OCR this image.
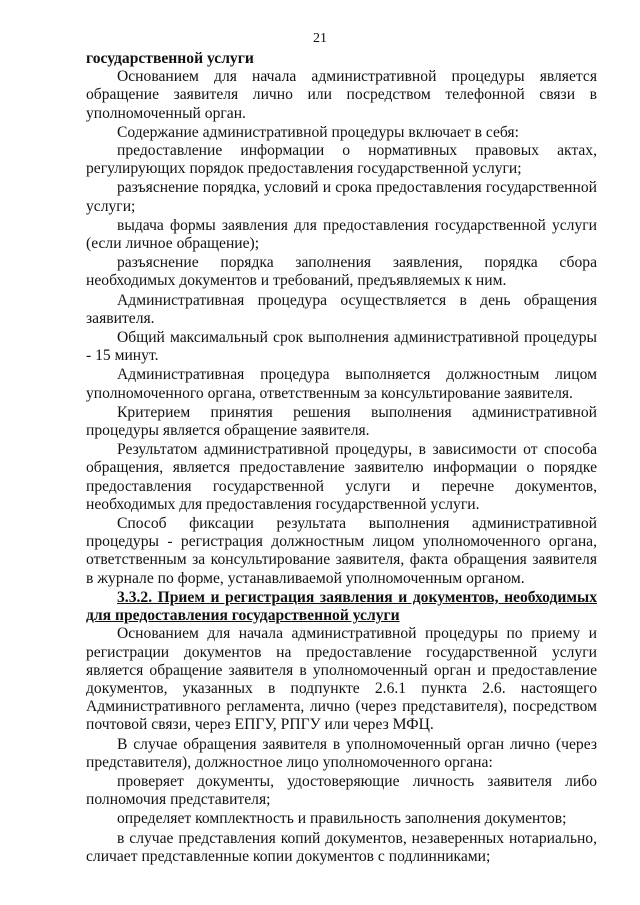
21

государственной услуги

Основанием для начала административной процедуры является обращение заявителя лично или посредством телефонной связи в уполномоченный орган.

Содержание административной процедуры включает в себя:

предоставление информации о нормативных правовых актах, регулирующих порядок предоставления государственной услуги;

разъяснение порядка, условий и срока предоставления государственной услуги;

выдача формы заявления для предоставления государственной услуги (если личное обращение);

разъяснение порядка заполнения заявления, порядка сбора необходимых документов и требований, предъявляемых к ним.

Административная процедура осуществляется в день обращения заявителя.

Общий максимальный срок выполнения административной процедуры - 15 минут.

Административная процедура выполняется должностным лицом уполномоченного органа, ответственным за консультирование заявителя.

Критерием принятия решения выполнения административной процедуры является обращение заявителя.

Результатом административной процедуры, в зависимости от способа обращения, является предоставление заявителю информации о порядке предоставления государственной услуги и перечне документов, необходимых для предоставления государственной услуги.

Способ фиксации результата выполнения административной процедуры - регистрация должностным лицом уполномоченного органа, ответственным за консультирование заявителя, факта обращения заявителя в журнале по форме, устанавливаемой уполномоченным органом.

3.3.2. Прием и регистрация заявления и документов, необходимых для предоставления государственной услуги

Основанием для начала административной процедуры по приему и регистрации документов на предоставление государственной услуги является обращение заявителя в уполномоченный орган и предоставление документов, указанных в подпункте 2.6.1 пункта 2.6. настоящего Административного регламента, лично (через представителя), посредством почтовой связи, через ЕПГУ, РПГУ или через МФЦ.

В случае обращения заявителя в уполномоченный орган лично (через представителя), должностное лицо уполномоченного органа:

проверяет документы, удостоверяющие личность заявителя либо полномочия представителя;

определяет комплектность и правильность заполнения документов;

в случае представления копий документов, незаверенных нотариально, сличает представленные копии документов с подлинниками;
